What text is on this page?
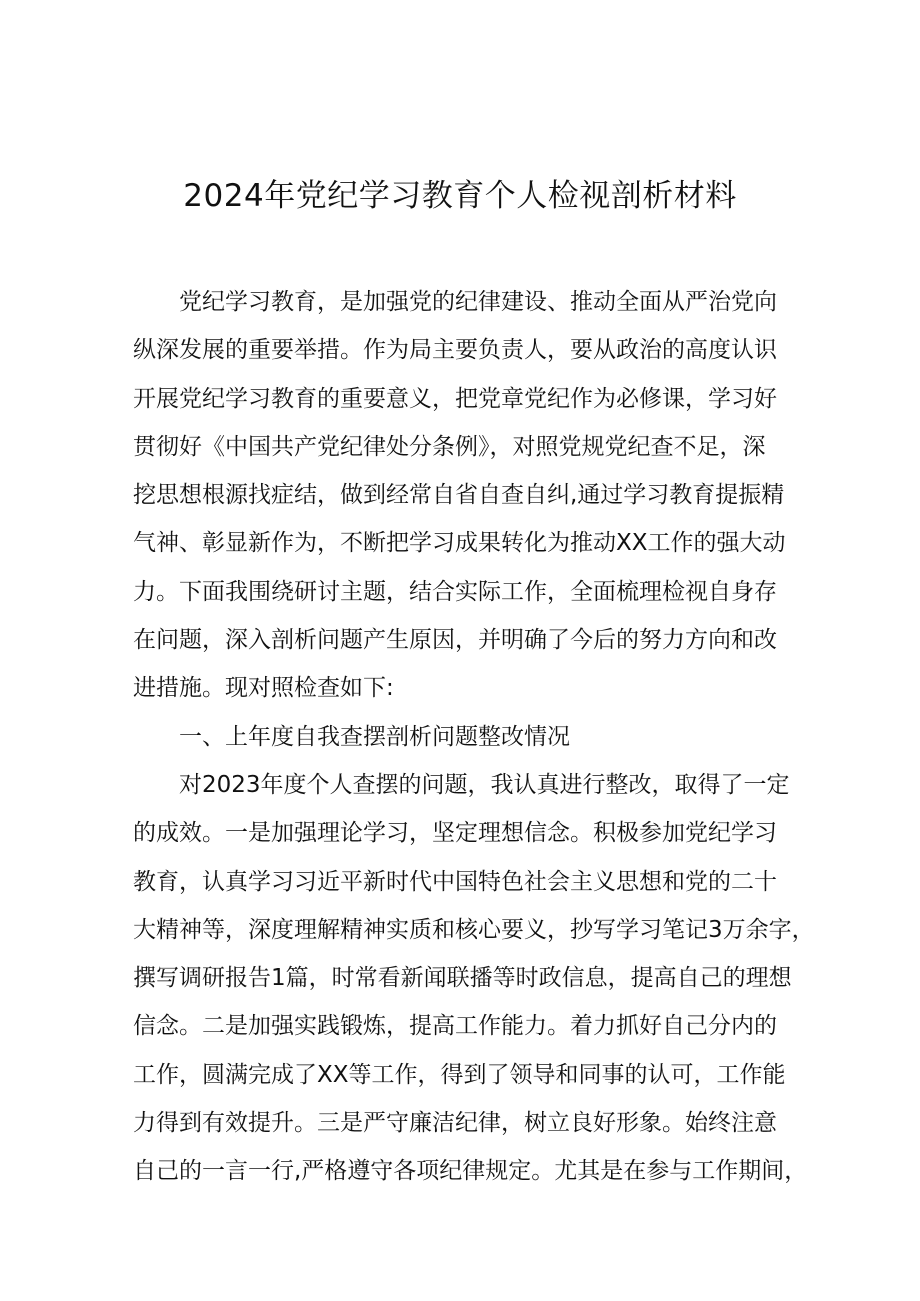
2024年党纪学习教育个人检视剖析材料
党纪学习教育，是加强党的纪律建设、推动全面从严治党向
纵深发展的重要举措。作为局主要负责人，要从政治的高度认识
开展党纪学习教育的重要意义，把党章党纪作为必修课，学习好
贯彻好《中国共产党纪律处分条例》，对照党规党纪查不足，深
挖思想根源找症结，做到经常自省自查自纠,通过学习教育提振精
气神、彰显新作为，不断把学习成果转化为推动XX工作的强大动
力。下面我围绕研讨主题，结合实际工作，全面梳理检视自身存
在问题，深入剖析问题产生原因，并明确了今后的努力方向和改
进措施。现对照检查如下:
一、上年度自我查摆剖析问题整改情况
对2023年度个人查摆的问题，我认真进行整改，取得了一定
的成效。一是加强理论学习，坚定理想信念。积极参加党纪学习
教育，认真学习习近平新时代中国特色社会主义思想和党的二十
大精神等，深度理解精神实质和核心要义，抄写学习笔记3万余字，
撰写调研报告1篇，时常看新闻联播等时政信息，提高自己的理想
信念。二是加强实践锻炼，提高工作能力。着力抓好自己分内的
工作，圆满完成了XX等工作，得到了领导和同事的认可，工作能
力得到有效提升。三是严守廉洁纪律，树立良好形象。始终注意
自己的一言一行,严格遵守各项纪律规定。尤其是在参与工作期间，
